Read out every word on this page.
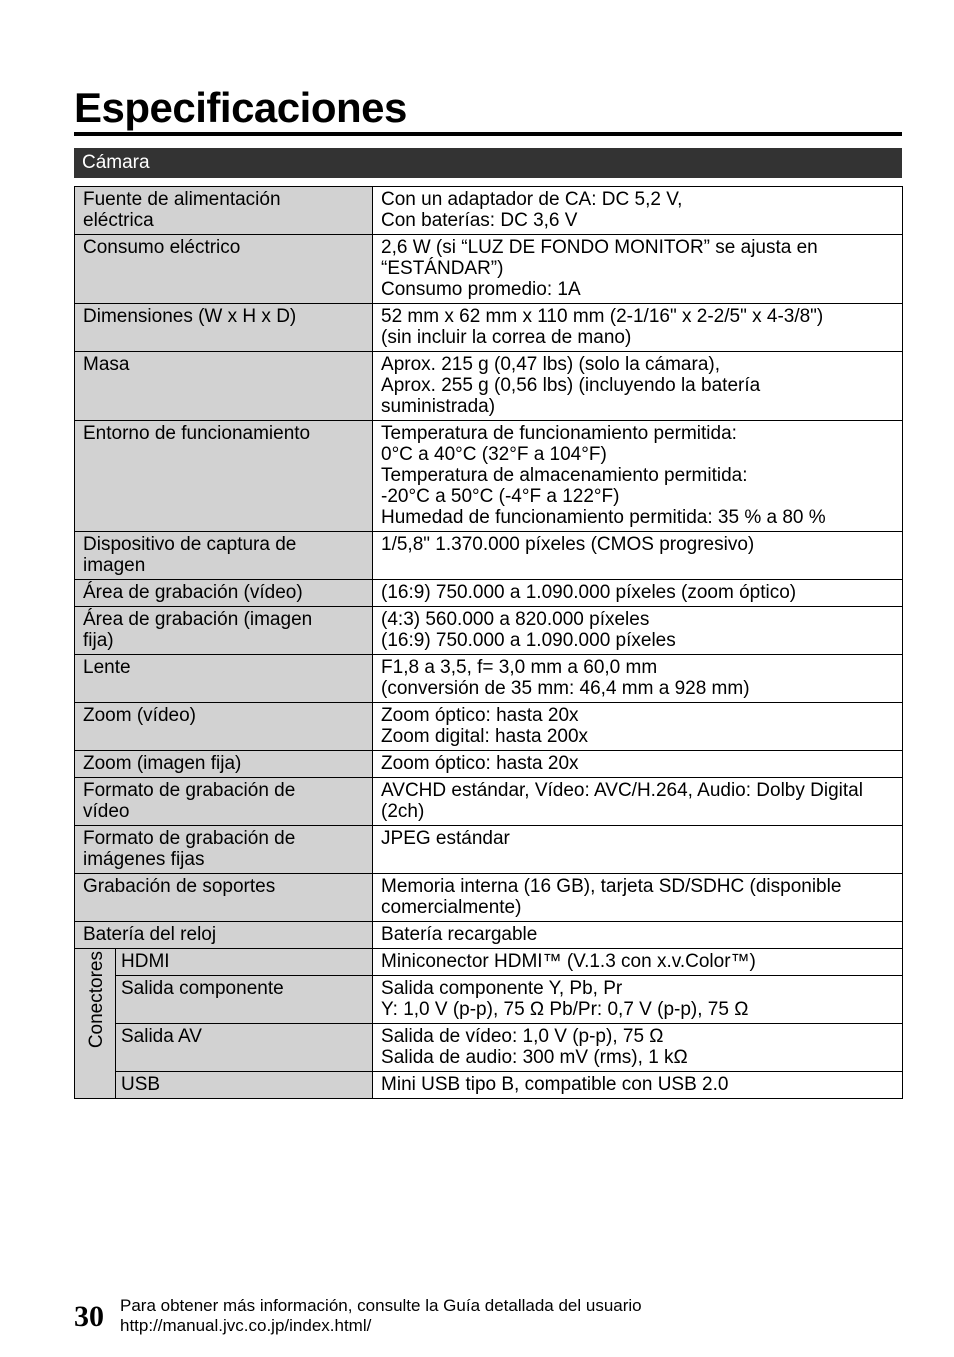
Especificaciones
Cámara
Fuente de alimentación
eléctrica		Con un adaptador de CA: DC 5,2 V,
Con baterías: DC 3,6 V
Consumo eléctrico		2,6 W (si “LUZ DE FONDO MONITOR” se ajusta en
“ESTÁNDAR”)
Consumo promedio: 1A
Dimensiones (W x H x D)		52 mm x 62 mm x 110 mm (2-1/16" x 2-2/5" x 4-3/8")
(sin incluir la correa de mano)
Masa		Aprox. 215 g (0,47 lbs) (solo la cámara),
Aprox. 255 g (0,56 lbs) (incluyendo la batería
suministrada)
Entorno de funcionamiento		Temperatura de funcionamiento permitida:
0°C a 40°C (32°F a 104°F)
Temperatura de almacenamiento permitida:
-20°C a 50°C (-4°F a 122°F)
Humedad de funcionamiento permitida: 35 % a 80 %
Dispositivo de captura de
imagen		1/5,8" 1.370.000 píxeles (CMOS progresivo)
Área de grabación (vídeo)		(16:9) 750.000 a 1.090.000 píxeles (zoom óptico)
Área de grabación (imagen
fija)		(4:3) 560.000 a 820.000 píxeles
(16:9) 750.000 a 1.090.000 píxeles
Lente		F1,8 a 3,5, f= 3,0 mm a 60,0 mm
(conversión de 35 mm: 46,4 mm a 928 mm)
Zoom (vídeo)		Zoom óptico: hasta 20x
Zoom digital: hasta 200x
Zoom (imagen fija)		Zoom óptico: hasta 20x
Formato de grabación de
vídeo		AVCHD estándar, Vídeo: AVC/H.264, Audio: Dolby Digital
(2ch)
Formato de grabación de
imágenes fijas		JPEG estándar
Grabación de soportes		Memoria interna (16 GB), tarjeta SD/SDHC (disponible
comercialmente)
Batería del reloj		Batería recargable
Conectores	HDMI	Miniconector HDMI™ (V.1.3 con x.v.Color™)
	Salida componente	Salida componente Y, Pb, Pr
Y: 1,0 V (p-p), 75 Ω Pb/Pr: 0,7 V (p-p), 75 Ω
	Salida AV	Salida de vídeo: 1,0 V (p-p), 75 Ω
Salida de audio: 300 mV (rms), 1 kΩ
	USB	Mini USB tipo B, compatible con USB 2.0
30 Para obtener más información, consulte la Guía detallada del usuario
http://manual.jvc.co.jp/index.html/
